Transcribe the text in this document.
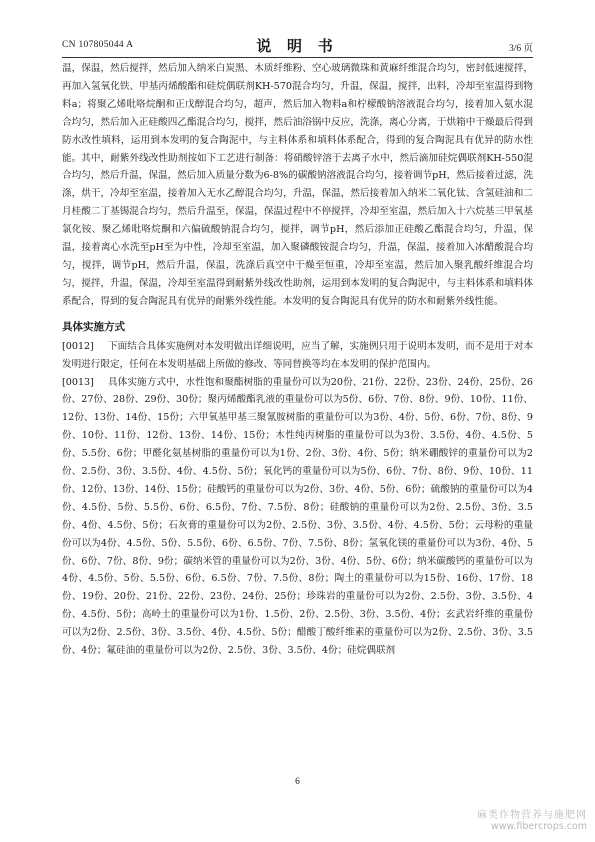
CN 107805044 A	说 明 书	3/6 页

温，保温，然后搅拌，然后加入纳米白炭黑、木质纤维粉、空心玻璃微珠和黄麻纤维混合均匀，密封低速搅拌，再加入氢氧化铁、甲基丙烯酸酯和硅烷偶联剂KH-570混合均匀，升温，保温，搅拌，出料，冷却至室温得到物料a；将聚乙烯吡咯烷酮和正戊醇混合均匀，超声，然后加入物料a和柠檬酸钠溶液混合均匀，接着加入氨水混合均匀，然后加入正硅酸四乙酯混合均匀，搅拌，然后油浴锅中反应，洗涤，离心分离，于烘箱中干燥最后得到防水改性填料，运用到本发明的复合陶泥中，与主料体系和填料体系配合，得到的复合陶泥具有优异的防水性能。其中，耐紫外线改性助剂按如下工艺进行制备：将硝酸锌溶于去离子水中，然后滴加硅烷偶联剂KH-550混合均匀，然后升温，保温，然后加入质量分数为6-8%的碳酸钠溶液混合均匀，接着调节pH，然后接着过滤，洗涤，烘干，冷却至室温，接着加入无水乙醇混合均匀，升温，保温，然后接着加入纳米二氧化钛、含氢硅油和二月桂酸二丁基锡混合均匀，然后升温至，保温，保温过程中不停搅拌，冷却至室温，然后加入十六烷基三甲氧基氯化铵、聚乙烯吡咯烷酮和六偏硫酸钠混合均匀，搅拌，调节pH，然后添加正硅酸乙酯混合均匀，升温，保温，接着离心水洗至pH至为中性，冷却至室温，加入聚磷酸铵混合均匀，升温，保温，接着加入冰醋酸混合均匀，搅拌，调节pH，然后升温，保温，洗涤后真空中干燥至恒重，冷却至室温，然后加入聚乳酸纤维混合均匀，搅拌，升温，保温，冷却至室温得到耐紫外线改性助剂，运用到本发明的复合陶泥中，与主料体系和填料体系配合，得到的复合陶泥具有优异的耐紫外线性能。本发明的复合陶泥具有优异的防水和耐紫外线性能。

具体实施方式

[0012] 下面结合具体实施例对本发明做出详细说明，应当了解，实施例只用于说明本发明，而不是用于对本发明进行限定，任何在本发明基础上所做的修改、等同替换等均在本发明的保护范围内。

[0013] 具体实施方式中，水性饱和聚酯树脂的重量份可以为20份、21份、22份、23份、24份、25份、26份、27份、28份、29份、30份；聚丙烯酸酯乳液的重量份可以为5份、6份、7份、8份、9份、10份、11份、12份、13份、14份、15份；六甲氧基甲基三聚氰胺树脂的重量份可以为3份、4份、5份、6份、7份、8份、9份、10份、11份、12份、13份、14份、15份；木性纯丙树脂的重量份可以为3份、3.5份、4份、4.5份、5份、5.5份、6份；甲醛化氨基树脂的重量份可以为1份、2份、3份、4份、5份；纳米硼酸锌的重量份可以为2份、2.5份、3份、3.5份、4份、4.5份、5份；氧化钙的重量份可以为5份、6份、7份、8份、9份、10份、11份、12份、13份、14份、15份；硅酸钙的重量份可以为2份、3份、4份、5份、6份；硫酸钠的重量份可以为4份、4.5份、5份、5.5份、6份、6.5份、7份、7.5份、8份；硅酸钠的重量份可以为2份、2.5份、3份、3.5份、4份、4.5份、5份；石灰膏的重量份可以为2份、2.5份、3份、3.5份、4份、4.5份、5份；云母粉的重量份可以为4份、4.5份、5份、5.5份、6份、6.5份、7份、7.5份、8份；氢氧化镁的重量份可以为3份、4份、5份、6份、7份、8份、9份；碳纳米管的重量份可以为2份、3份、4份、5份、6份；纳米碳酸钙的重量份可以为4份、4.5份、5份、5.5份、6份、6.5份、7份、7.5份、8份；陶土的重量份可以为15份、16份、17份、18份、19份、20份、21份、22份、23份、24份、25份；珍珠岩的重量份可以为2份、2.5份、3份、3.5份、4份、4.5份、5份；高岭土的重量份可以为1份、1.5份、2份、2.5份、3份、3.5份、4份；玄武岩纤维的重量份可以为2份、2.5份、3份、3.5份、4份、4.5份、5份；醋酸丁酸纤维素的重量份可以为2份、2.5份、3份、3.5份、4份；氟硅油的重量份可以为2份、2.5份、3份、3.5份、4份；硅烷偶联剂

6
麻类作物营养与施肥网
www.fibercrops.com
